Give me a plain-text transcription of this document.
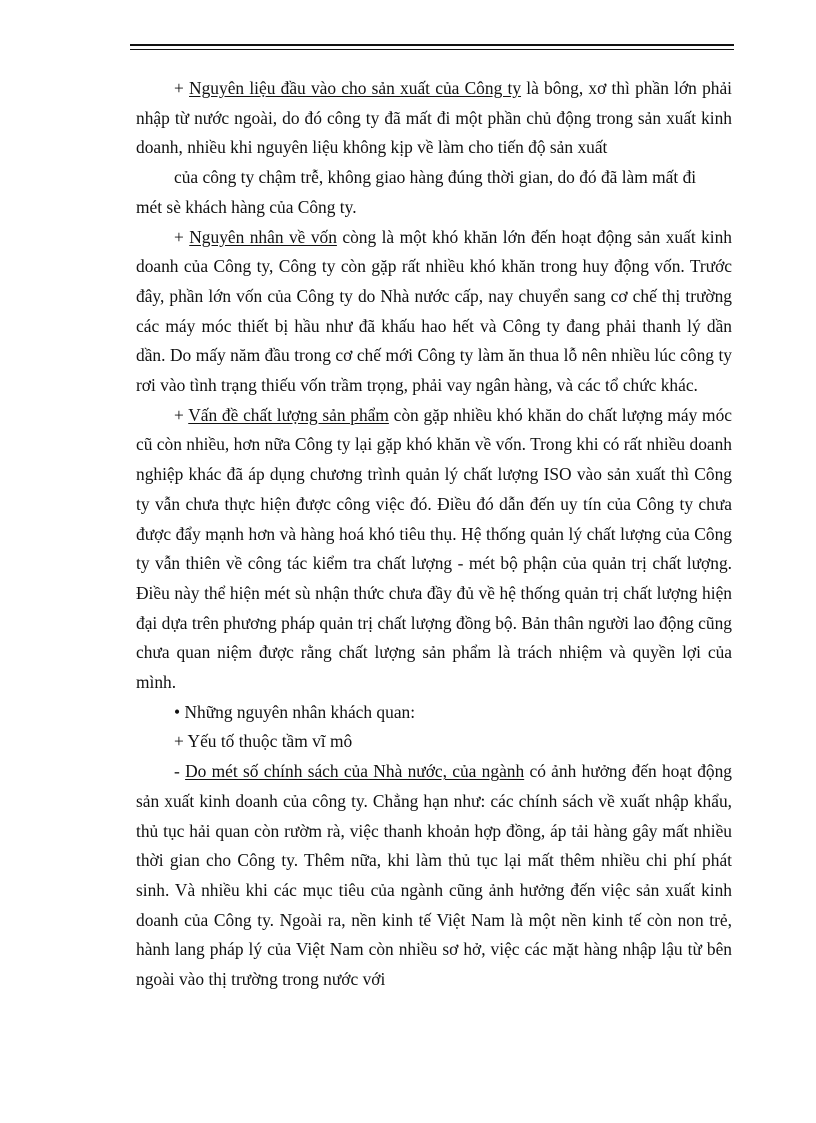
+ Nguyên liệu đầu vào cho sản xuất của Công ty là bông, xơ thì phần lớn phải nhập từ nước ngoài, do đó công ty đã mất đi một phần chủ động trong sản xuất kinh doanh, nhiều khi nguyên liệu không kịp về làm cho tiến độ sản xuất

của công ty chậm trễ, không giao hàng đúng thời gian, do đó đã làm mất đi

mét sè khách hàng của Công ty.

+ Nguyên nhân về vốn còng là một khó khăn lớn đến hoạt động sản xuất kinh doanh của Công ty, Công ty còn gặp rất nhiều khó khăn trong huy động vốn. Trước đây, phần lớn vốn của Công ty do Nhà nước cấp, nay chuyển sang cơ chế thị trường các máy móc thiết bị hầu như đã khấu hao hết và Công ty đang phải thanh lý dần dần. Do mấy năm đầu trong cơ chế mới Công ty làm ăn thua lỗ nên nhiều lúc công ty rơi vào tình trạng thiếu vốn trầm trọng, phải vay ngân hàng, và các tổ chức khác.

+ Vấn đề chất lượng sản phẩm còn gặp nhiều khó khăn do chất lượng máy móc cũ còn nhiều, hơn nữa Công ty lại gặp khó khăn về vốn. Trong khi có rất nhiều doanh nghiệp khác đã áp dụng chương trình quản lý chất lượng ISO vào sản xuất thì Công ty vẫn chưa thực hiện được công việc đó. Điều đó dẫn đến uy tín của Công ty chưa được đẩy mạnh hơn và hàng hoá khó tiêu thụ. Hệ thống quản lý chất lượng của Công ty vẫn thiên về công tác kiểm tra chất lượng - mét bộ phận của quản trị chất lượng. Điều này thể hiện mét sù nhận thức chưa đầy đủ về hệ thống quản trị chất lượng hiện đại dựa trên phương pháp quản trị chất lượng đồng bộ. Bản thân người lao động cũng chưa quan niệm được rằng chất lượng sản phẩm là trách nhiệm và quyền lợi của mình.

• Những nguyên nhân khách quan:

+ Yếu tố thuộc tầm vĩ mô

- Do mét số chính sách của Nhà nước, của ngành có ảnh hưởng đến hoạt động sản xuất kinh doanh của công ty. Chẳng hạn như: các chính sách về xuất nhập khẩu, thủ tục hải quan còn rườm rà, việc thanh khoản hợp đồng, áp tải hàng gây mất nhiều thời gian cho Công ty. Thêm nữa, khi làm thủ tục lại mất thêm nhiều chi phí phát sinh. Và nhiều khi các mục tiêu của ngành cũng ảnh hưởng đến việc sản xuất kinh doanh của Công ty. Ngoài ra, nền kinh tế Việt Nam là một nền kinh tế còn non trẻ, hành lang pháp lý của Việt Nam còn nhiều sơ hở, việc các mặt hàng nhập lậu từ bên ngoài vào thị trường trong nước với
